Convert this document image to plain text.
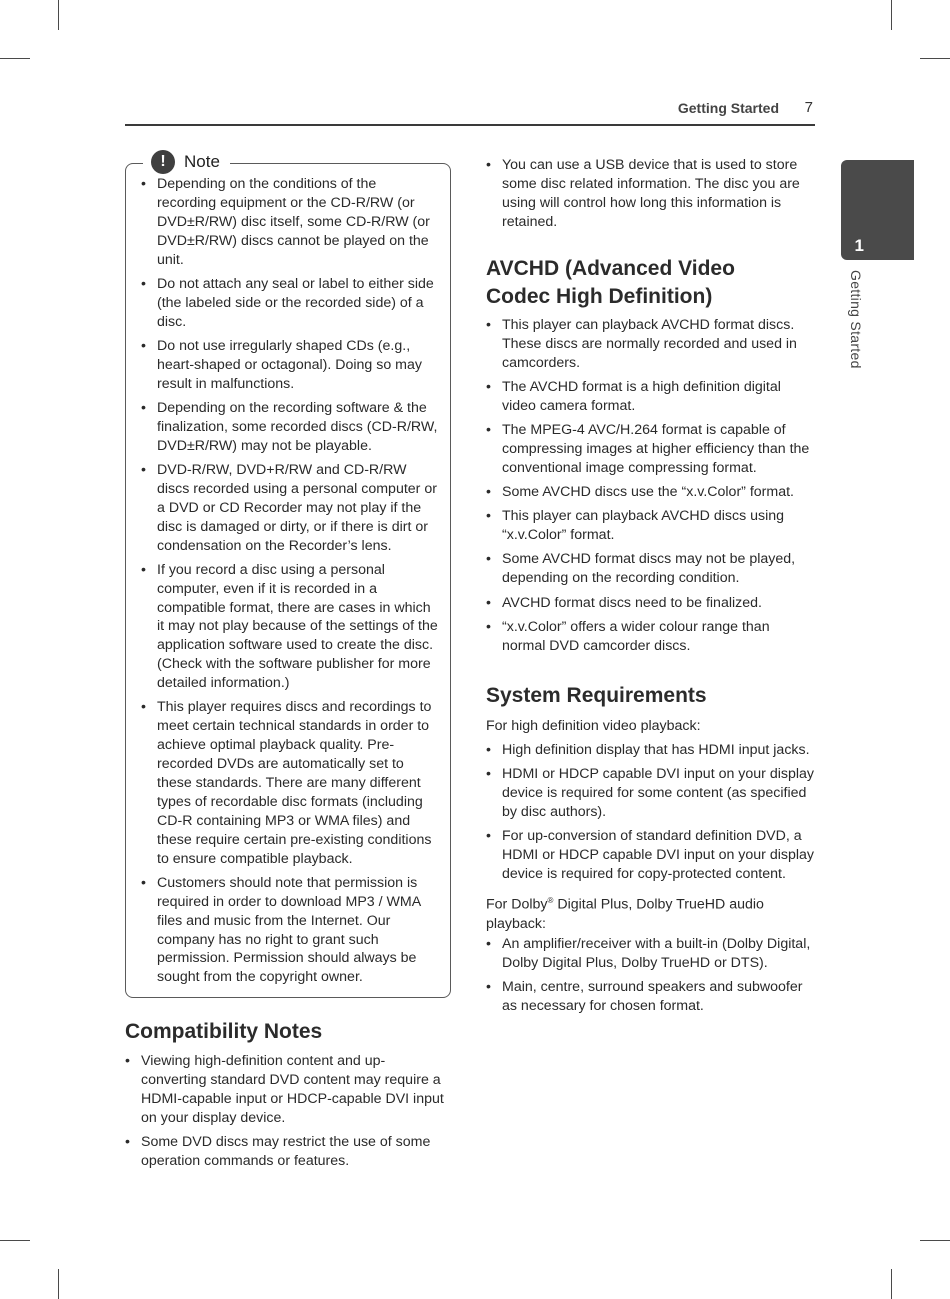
Getting Started 7
1
Getting Started
!	Note
• Depending on the conditions of the recording equipment or the CD-R/RW (or DVD±R/RW) disc itself, some CD-R/RW (or DVD±R/RW) discs cannot be played on the unit.
• Do not attach any seal or label to either side (the labeled side or the recorded side) of a disc.
• Do not use irregularly shaped CDs (e.g., heart-shaped or octagonal). Doing so may result in malfunctions.
• Depending on the recording software & the finalization, some recorded discs (CD-R/RW, DVD±R/RW) may not be playable.
• DVD-R/RW, DVD+R/RW and CD-R/RW discs recorded using a personal computer or a DVD or CD Recorder may not play if the disc is damaged or dirty, or if there is dirt or condensation on the Recorder’s lens.
• If you record a disc using a personal computer, even if it is recorded in a compatible format, there are cases in which it may not play because of the settings of the application software used to create the disc. (Check with the software publisher for more detailed information.)
• This player requires discs and recordings to meet certain technical standards in order to achieve optimal playback quality. Pre-recorded DVDs are automatically set to these standards. There are many different types of recordable disc formats (including CD-R containing MP3 or WMA files) and these require certain pre-existing conditions to ensure compatible playback.
• Customers should note that permission is required in order to download MP3 / WMA files and music from the Internet. Our company has no right to grant such permission. Permission should always be sought from the copyright owner.
Compatibility Notes
• Viewing high-definition content and up-converting standard DVD content may require a HDMI-capable input or HDCP-capable DVI input on your display device.
• Some DVD discs may restrict the use of some operation commands or features.
• You can use a USB device that is used to store some disc related information. The disc you are using will control how long this information is retained.
AVCHD (Advanced Video Codec High Definition)
• This player can playback AVCHD format discs. These discs are normally recorded and used in camcorders.
• The AVCHD format is a high definition digital video camera format.
• The MPEG-4 AVC/H.264 format is capable of compressing images at higher efficiency than the conventional image compressing format.
• Some AVCHD discs use the “x.v.Color” format.
• This player can playback AVCHD discs using “x.v.Color” format.
• Some AVCHD format discs may not be played, depending on the recording condition.
• AVCHD format discs need to be finalized.
• “x.v.Color” offers a wider colour range than normal DVD camcorder discs.
System Requirements
For high definition video playback:
• High definition display that has HDMI input jacks.
• HDMI or HDCP capable DVI input on your display device is required for some content (as specified by disc authors).
• For up-conversion of standard definition DVD, a HDMI or HDCP capable DVI input on your display device is required for copy-protected content.
For Dolby® Digital Plus, Dolby TrueHD audio playback:
• An amplifier/receiver with a built-in (Dolby Digital, Dolby Digital Plus, Dolby TrueHD or DTS).
• Main, centre, surround speakers and subwoofer as necessary for chosen format.
